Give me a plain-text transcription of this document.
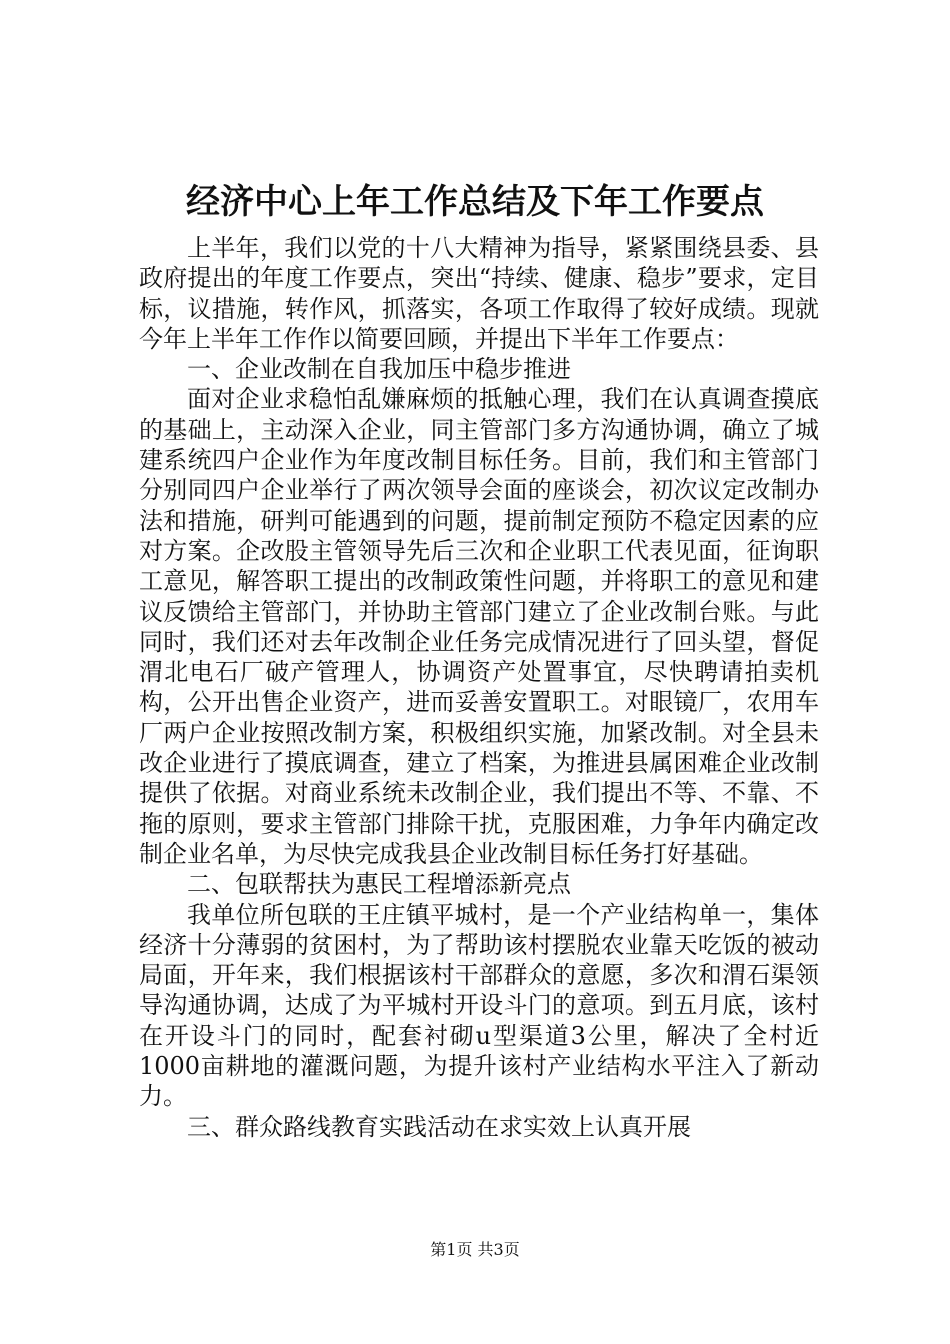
经济中心上年工作总结及下年工作要点

上半年，我们以党的十八大精神为指导，紧紧围绕县委、县政府提出的年度工作要点，突出“持续、健康、稳步”要求，定目标，议措施，转作风，抓落实，各项工作取得了较好成绩。现就今年上半年工作作以简要回顾，并提出下半年工作要点：

一、企业改制在自我加压中稳步推进

面对企业求稳怕乱嫌麻烦的抵触心理，我们在认真调查摸底的基础上，主动深入企业，同主管部门多方沟通协调，确立了城建系统四户企业作为年度改制目标任务。目前，我们和主管部门分别同四户企业举行了两次领导会面的座谈会，初次议定改制办法和措施，研判可能遇到的问题，提前制定预防不稳定因素的应对方案。企改股主管领导先后三次和企业职工代表见面，征询职工意见，解答职工提出的改制政策性问题，并将职工的意见和建议反馈给主管部门，并协助主管部门建立了企业改制台账。与此同时，我们还对去年改制企业任务完成情况进行了回头望，督促渭北电石厂破产管理人，协调资产处置事宜，尽快聘请拍卖机构，公开出售企业资产，进而妥善安置职工。对眼镜厂，农用车厂两户企业按照改制方案，积极组织实施，加紧改制。对全县未改企业进行了摸底调查，建立了档案，为推进县属困难企业改制提供了依据。对商业系统未改制企业，我们提出不等、不靠、不拖的原则，要求主管部门排除干扰，克服困难，力争年内确定改制企业名单，为尽快完成我县企业改制目标任务打好基础。

二、包联帮扶为惠民工程增添新亮点

我单位所包联的王庄镇平城村，是一个产业结构单一，集体经济十分薄弱的贫困村，为了帮助该村摆脱农业靠天吃饭的被动局面，开年来，我们根据该村干部群众的意愿，多次和渭石渠领导沟通协调，达成了为平城村开设斗门的意项。到五月底，该村在开设斗门的同时，配套衬砌u型渠道3公里，解决了全村近1000亩耕地的灌溉问题，为提升该村产业结构水平注入了新动力。

三、群众路线教育实践活动在求实效上认真开展

第1页 共3页
